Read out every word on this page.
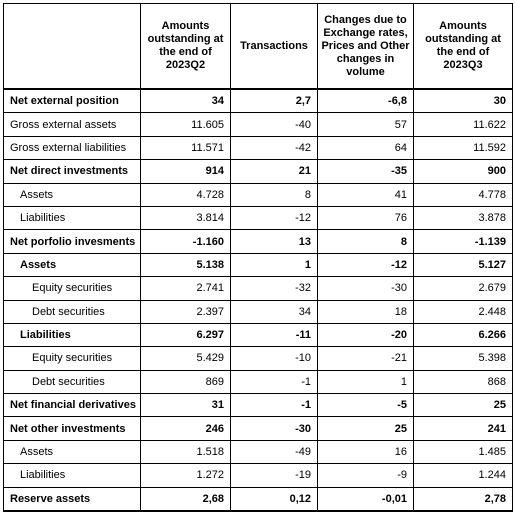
	Amounts outstanding at the end of 2023Q2	Transactions	Changes due to Exchange rates, Prices and Other changes in volume	Amounts outstanding at the end of 2023Q3
Net external position	34	2,7	-6,8	30
Gross external assets	11.605	-40	57	11.622
Gross external liabilities	11.571	-42	64	11.592
Net direct investments	914	21	-35	900
Assets	4.728	8	41	4.778
Liabilities	3.814	-12	76	3.878
Net porfolio invesments	-1.160	13	8	-1.139
Assets	5.138	1	-12	5.127
Equity securities	2.741	-32	-30	2.679
Debt securities	2.397	34	18	2.448
Liabilities	6.297	-11	-20	6.266
Equity securities	5.429	-10	-21	5.398
Debt securities	869	-1	1	868
Net financial derivatives	31	-1	-5	25
Net other investments	246	-30	25	241
Assets	1.518	-49	16	1.485
Liabilities	1.272	-19	-9	1.244
Reserve assets	2,68	0,12	-0,01	2,78
